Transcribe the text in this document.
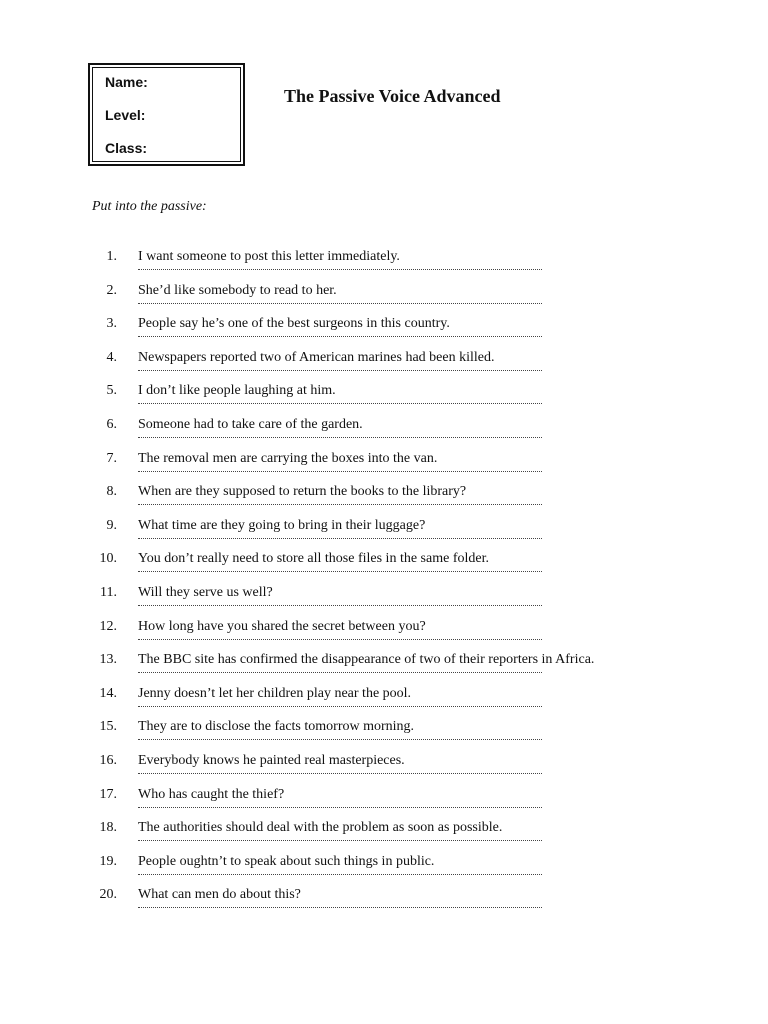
Name:
Level:
Class:
The Passive Voice Advanced
Put into the passive:
1. I want someone to post this letter immediately.
2. She’d like somebody to read to her.
3. People say he’s one of the best surgeons in this country.
4. Newspapers reported two of American marines had been killed.
5. I don’t like people laughing at him.
6. Someone had to take care of the garden.
7. The removal men are carrying the boxes into the van.
8. When are they supposed to return the books to the library?
9. What time are they going to bring in their luggage?
10. You don’t really need to store all those files in the same folder.
11. Will they serve us well?
12. How long have you shared the secret between you?
13. The BBC site has confirmed the disappearance of two of their reporters in Africa.
14. Jenny doesn’t let her children play near the pool.
15. They are to disclose the facts tomorrow morning.
16. Everybody knows he painted real masterpieces.
17. Who has caught the thief?
18. The authorities should deal with the problem as soon as possible.
19. People oughtn’t to speak about such things in public.
20. What can men do about this?
